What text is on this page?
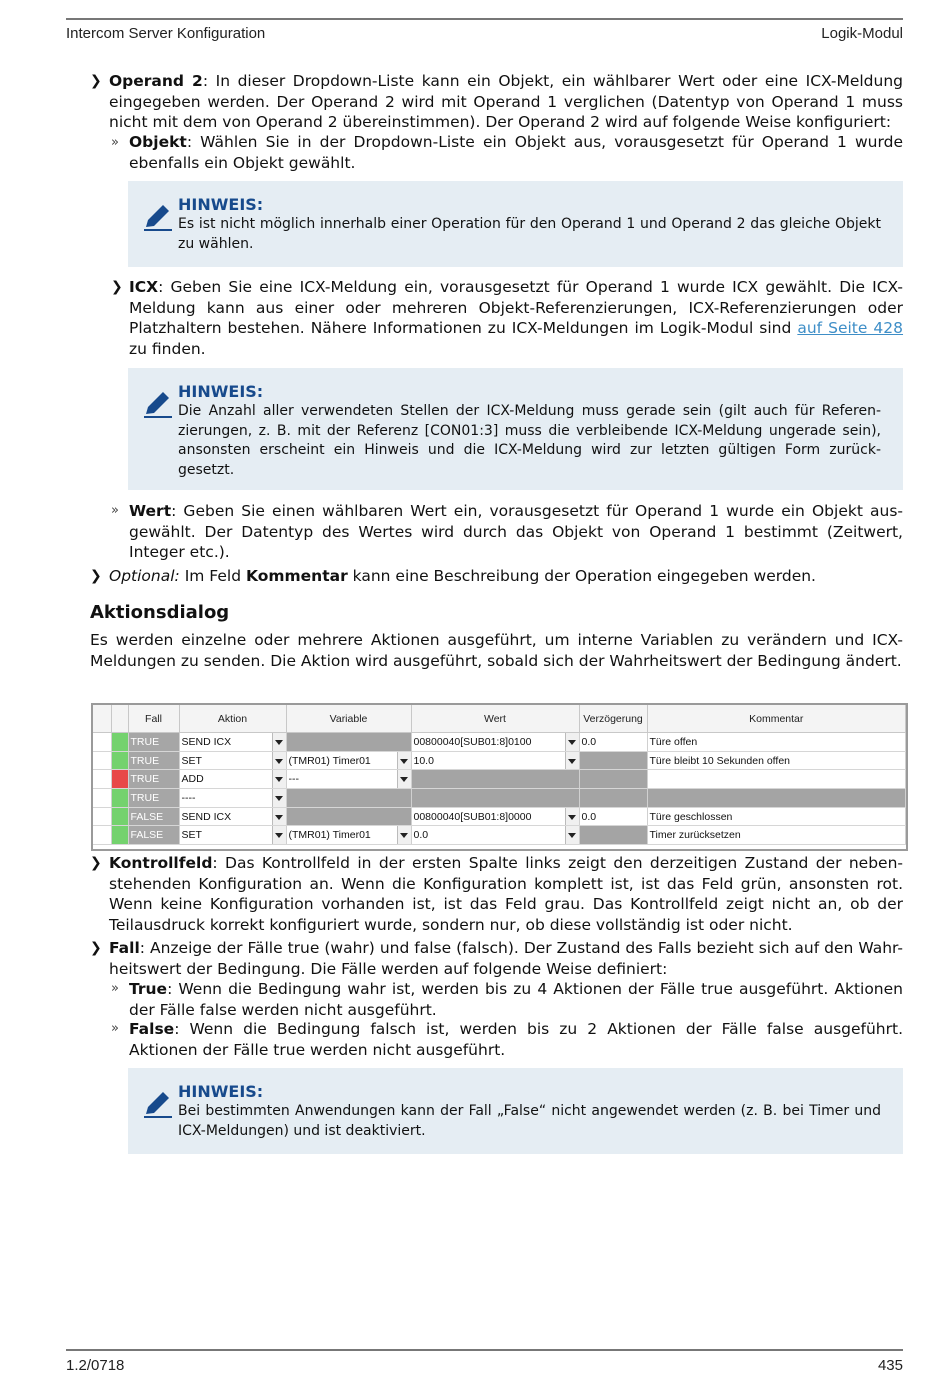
Intercom Server Konfiguration	Logik-Modul
❯ Operand 2: In dieser Dropdown-Liste kann ein Objekt, ein wählbarer Wert oder eine ICX-Meldung eingegeben werden. Der Operand 2 wird mit Operand 1 verglichen (Datentyp von Operand 1 muss nicht mit dem von Operand 2 übereinstimmen). Der Operand 2 wird auf folgende Weise konfiguriert:

» Objekt: Wählen Sie in der Dropdown-Liste ein Objekt aus, vorausgesetzt für Operand 1 wurde ebenfalls ein Objekt gewählt.

HINWEIS:
Es ist nicht möglich innerhalb einer Operation für den Operand 1 und Operand 2 das gleiche Objekt zu wählen.
❯ ICX: Geben Sie eine ICX-Meldung ein, vorausgesetzt für Operand 1 wurde ICX gewählt. Die ICX-Meldung kann aus einer oder mehreren Objekt-Referenzierungen, ICX-Referenzierungen oder Platzhaltern bestehen. Nähere Informationen zu ICX-Meldungen im Logik-Modul sind auf Seite 428 zu finden.

HINWEIS:
Die Anzahl aller verwendeten Stellen der ICX-Meldung muss gerade sein (gilt auch für Referen-zierungen, z. B. mit der Referenz [CON01:3] muss die verbleibende ICX-Meldung ungerade sein), ansonsten erscheint ein Hinweis und die ICX-Meldung wird zur letzten gültigen Form zurück-gesetzt.
» Wert: Geben Sie einen wählbaren Wert ein, vorausgesetzt für Operand 1 wurde ein Objekt aus-gewählt. Der Datentyp des Wertes wird durch das Objekt von Operand 1 bestimmt (Zeitwert, Integer etc.).

❯ Optional: Im Feld Kommentar kann eine Beschreibung der Operation eingegeben werden.

Aktionsdialog

Es werden einzelne oder mehrere Aktionen ausgeführt, um interne Variablen zu verändern und ICX-Meldungen zu senden. Die Aktion wird ausgeführt, sobald sich der Wahrheitswert der Bedingung ändert.

		Fall	Aktion	Variable	Wert	Verzögerung	Kommentar
		TRUE	SEND ICX		00800040[SUB01:8]0100	0.0	Türe offen
		TRUE	SET	(TMR01) Timer01	10.0		Türe bleibt 10 Sekunden offen
		TRUE	ADD	---			
		TRUE	----				
		FALSE	SEND ICX		00800040[SUB01:8]0000	0.0	Türe geschlossen
		FALSE	SET	(TMR01) Timer01	0.0		Timer zurücksetzen
❯ Kontrollfeld: Das Kontrollfeld in der ersten Spalte links zeigt den derzeitigen Zustand der neben-stehenden Konfiguration an. Wenn die Konfiguration komplett ist, ist das Feld grün, ansonsten rot. Wenn keine Konfiguration vorhanden ist, ist das Feld grau. Das Kontrollfeld zeigt nicht an, ob der Teilausdruck korrekt konfiguriert wurde, sondern nur, ob diese vollständig ist oder nicht.

❯ Fall: Anzeige der Fälle true (wahr) und false (falsch). Der Zustand des Falls bezieht sich auf den Wahr-heitswert der Bedingung. Die Fälle werden auf folgende Weise definiert:

» True: Wenn die Bedingung wahr ist, werden bis zu 4 Aktionen der Fälle true ausgeführt. Aktionen der Fälle false werden nicht ausgeführt.

» False: Wenn die Bedingung falsch ist, werden bis zu 2 Aktionen der Fälle false ausgeführt. Aktionen der Fälle true werden nicht ausgeführt.

HINWEIS:
Bei bestimmten Anwendungen kann der Fall „False“ nicht angewendet werden (z. B. bei Timer und ICX-Meldungen) und ist deaktiviert.
1.2/0718	435
